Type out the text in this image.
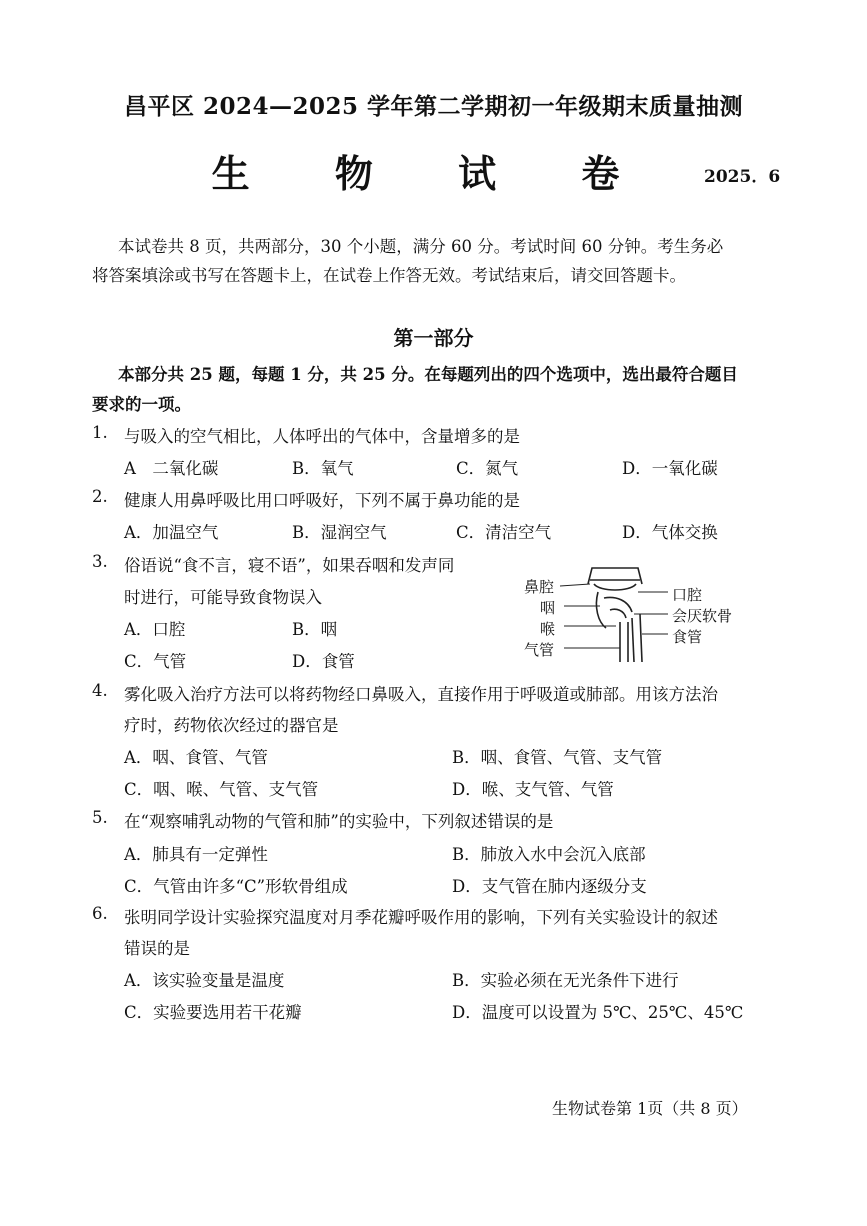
昌平区 2024—2025 学年第二学期初一年级期末质量抽测
生 物 试 卷	2025．6
本试卷共 8 页，共两部分，30 个小题，满分 60 分。考试时间 60 分钟。考生务必
将答案填涂或书写在答题卡上，在试卷上作答无效。考试结束后，请交回答题卡。
第一部分
本部分共 25 题，每题 1 分，共 25 分。在每题列出的四个选项中，选出最符合题目
要求的一项。
1. 与吸入的空气相比，人体呼出的气体中，含量增多的是
A　二氧化碳	B．氧气	C．氮气	D．一氧化碳
2. 健康人用鼻呼吸比用口呼吸好，下列不属于鼻功能的是
A．加温空气	B．湿润空气	C．清洁空气	D．气体交换
3. 俗语说“食不言，寝不语”，如果吞咽和发声同
时进行，可能导致食物误入
A．口腔	B．咽
C．气管	D．食管
鼻腔
咽
喉
气管
口腔
会厌软骨
食管
4. 雾化吸入治疗方法可以将药物经口鼻吸入，直接作用于呼吸道或肺部。用该方法治
疗时，药物依次经过的器官是
A．咽、食管、气管	B．咽、食管、气管、支气管
C．咽、喉、气管、支气管	D．喉、支气管、气管
5. 在“观察哺乳动物的气管和肺”的实验中，下列叙述错误的是
A．肺具有一定弹性	B．肺放入水中会沉入底部
C．气管由许多“C”形软骨组成	D．支气管在肺内逐级分支
6. 张明同学设计实验探究温度对月季花瓣呼吸作用的影响，下列有关实验设计的叙述
错误的是
A．该实验变量是温度	B．实验必须在无光条件下进行
C．实验要选用若干花瓣	D．温度可以设置为 5℃、25℃、45℃
生物试卷第 1页（共 8 页）
